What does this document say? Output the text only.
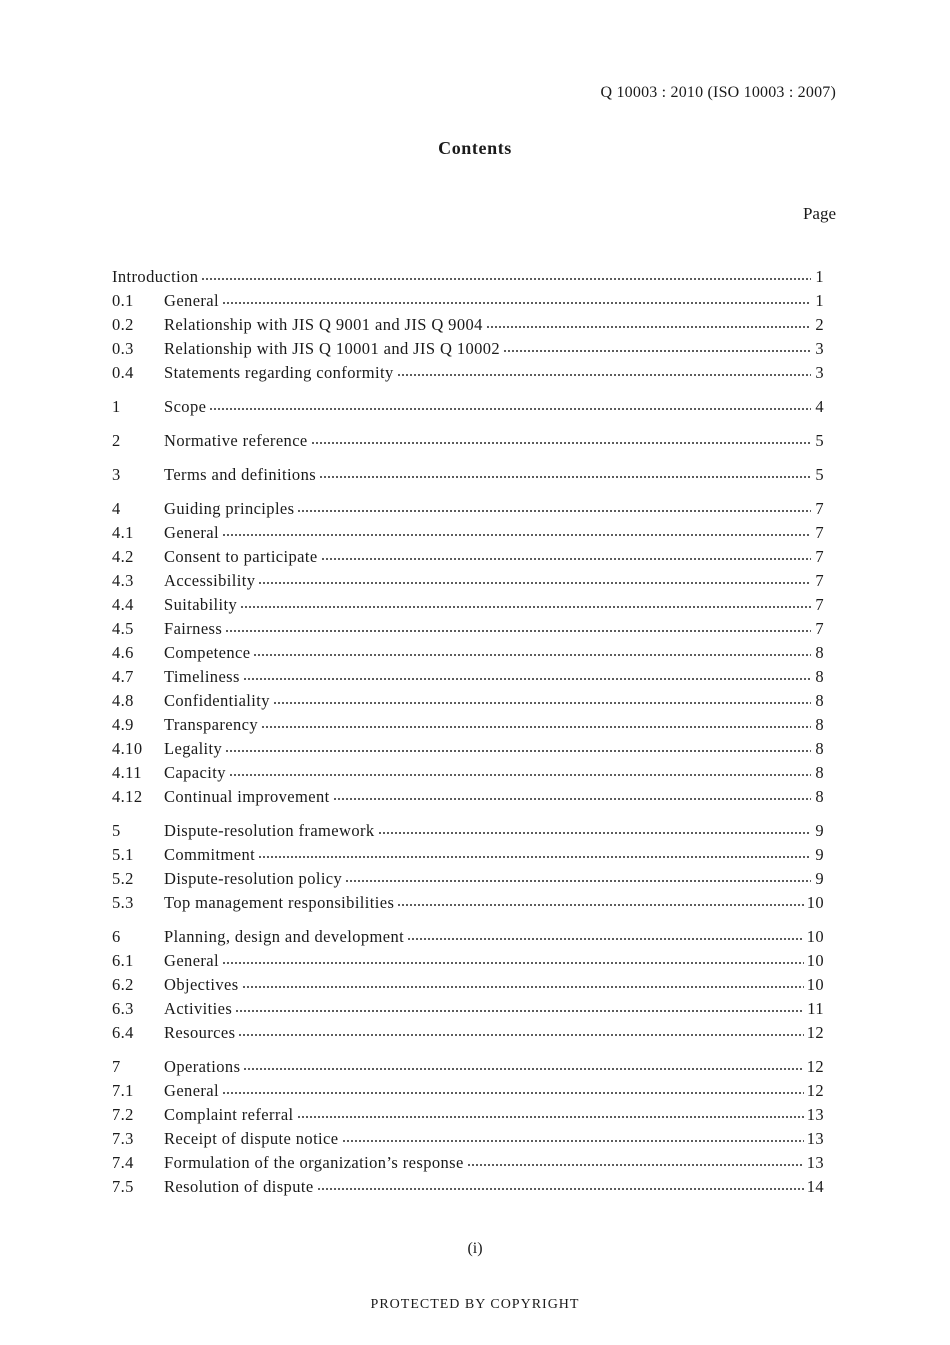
Q 10003 : 2010 (ISO 10003 : 2007)
Contents
Page
Introduction	1
0.1	General	1
0.2	Relationship with JIS Q 9001 and JIS Q 9004	2
0.3	Relationship with JIS Q 10001 and JIS Q 10002	3
0.4	Statements regarding conformity	3
1	Scope	4
2	Normative reference	5
3	Terms and definitions	5
4	Guiding principles	7
4.1	General	7
4.2	Consent to participate	7
4.3	Accessibility	7
4.4	Suitability	7
4.5	Fairness	7
4.6	Competence	8
4.7	Timeliness	8
4.8	Confidentiality	8
4.9	Transparency	8
4.10	Legality	8
4.11	Capacity	8
4.12	Continual improvement	8
5	Dispute-resolution framework	9
5.1	Commitment	9
5.2	Dispute-resolution policy	9
5.3	Top management responsibilities	10
6	Planning, design and development	10
6.1	General	10
6.2	Objectives	10
6.3	Activities	11
6.4	Resources	12
7	Operations	12
7.1	General	12
7.2	Complaint referral	13
7.3	Receipt of dispute notice	13
7.4	Formulation of the organization’s response	13
7.5	Resolution of dispute	14
(i)
PROTECTED BY COPYRIGHT
